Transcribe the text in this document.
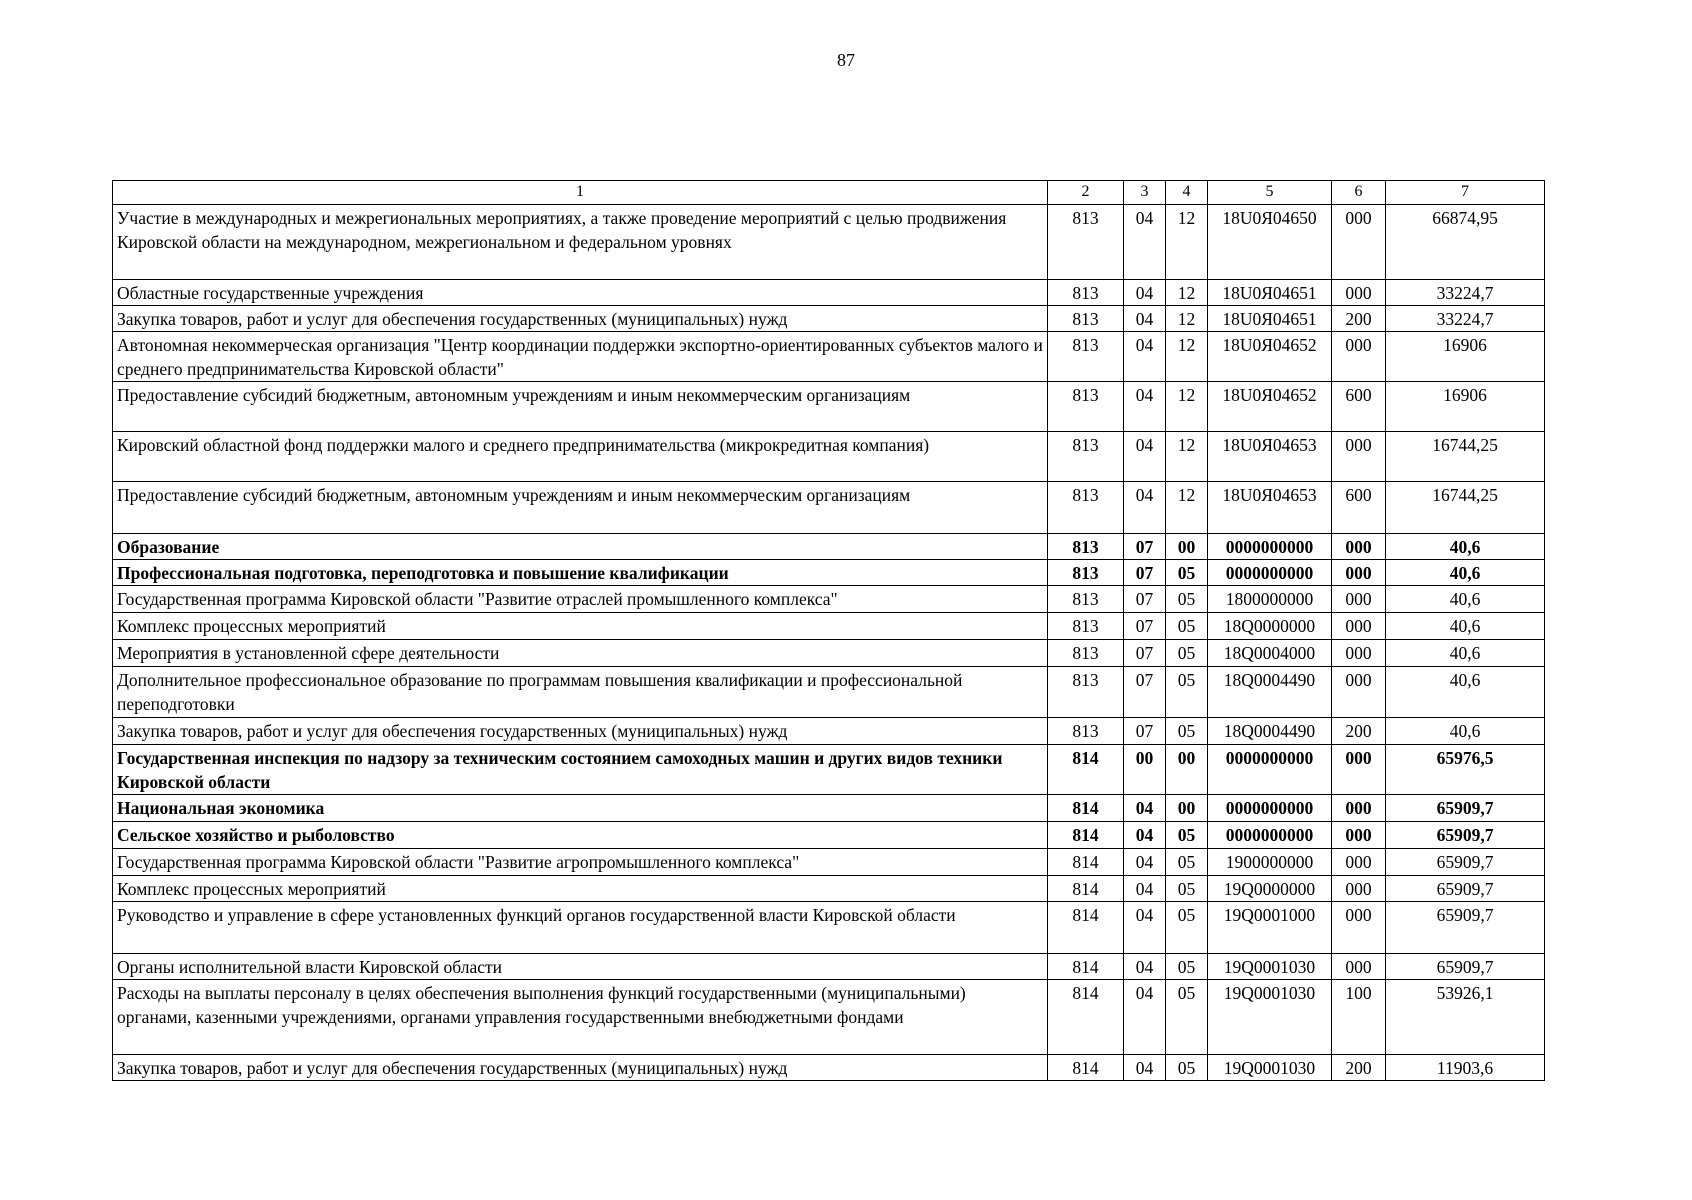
87
1	2	3	4	5	6	7
Участие в международных и межрегиональных мероприятиях, а также проведение мероприятий с целью продвижения Кировской области на международном, межрегиональном и федеральном уровнях	813	04	12	18U0Я04650	000	66874,95
Областные государственные учреждения	813	04	12	18U0Я04651	000	33224,7
Закупка товаров, работ и услуг для обеспечения государственных (муниципальных) нужд	813	04	12	18U0Я04651	200	33224,7
Автономная некоммерческая организация "Центр координации поддержки экспортно-ориентированных субъектов малого и среднего предпринимательства Кировской области"	813	04	12	18U0Я04652	000	16906
Предоставление субсидий бюджетным, автономным учреждениям и иным некоммерческим организациям	813	04	12	18U0Я04652	600	16906
Кировский областной фонд поддержки малого и среднего предпринимательства (микрокредитная компания)	813	04	12	18U0Я04653	000	16744,25
Предоставление субсидий бюджетным, автономным учреждениям и иным некоммерческим организациям	813	04	12	18U0Я04653	600	16744,25
Образование	813	07	00	0000000000	000	40,6
Профессиональная подготовка, переподготовка и повышение квалификации	813	07	05	0000000000	000	40,6
Государственная программа Кировской области "Развитие отраслей промышленного комплекса"	813	07	05	1800000000	000	40,6
Комплекс процессных мероприятий	813	07	05	18Q0000000	000	40,6
Мероприятия в установленной сфере деятельности	813	07	05	18Q0004000	000	40,6
Дополнительное профессиональное образование по программам повышения квалификации и профессиональной переподготовки	813	07	05	18Q0004490	000	40,6
Закупка товаров, работ и услуг для обеспечения государственных (муниципальных) нужд	813	07	05	18Q0004490	200	40,6
Государственная инспекция по надзору за техническим состоянием самоходных машин и других видов техники Кировской области	814	00	00	0000000000	000	65976,5
Национальная экономика	814	04	00	0000000000	000	65909,7
Сельское хозяйство и рыболовство	814	04	05	0000000000	000	65909,7
Государственная программа Кировской области "Развитие агропромышленного комплекса"	814	04	05	1900000000	000	65909,7
Комплекс процессных мероприятий	814	04	05	19Q0000000	000	65909,7
Руководство и управление в сфере установленных функций органов государственной власти Кировской области	814	04	05	19Q0001000	000	65909,7
Органы исполнительной власти Кировской области	814	04	05	19Q0001030	000	65909,7
Расходы на выплаты персоналу в целях обеспечения выполнения функций государственными (муниципальными) органами, казенными учреждениями, органами управления государственными внебюджетными фондами	814	04	05	19Q0001030	100	53926,1
Закупка товаров, работ и услуг для обеспечения государственных (муниципальных) нужд	814	04	05	19Q0001030	200	11903,6
